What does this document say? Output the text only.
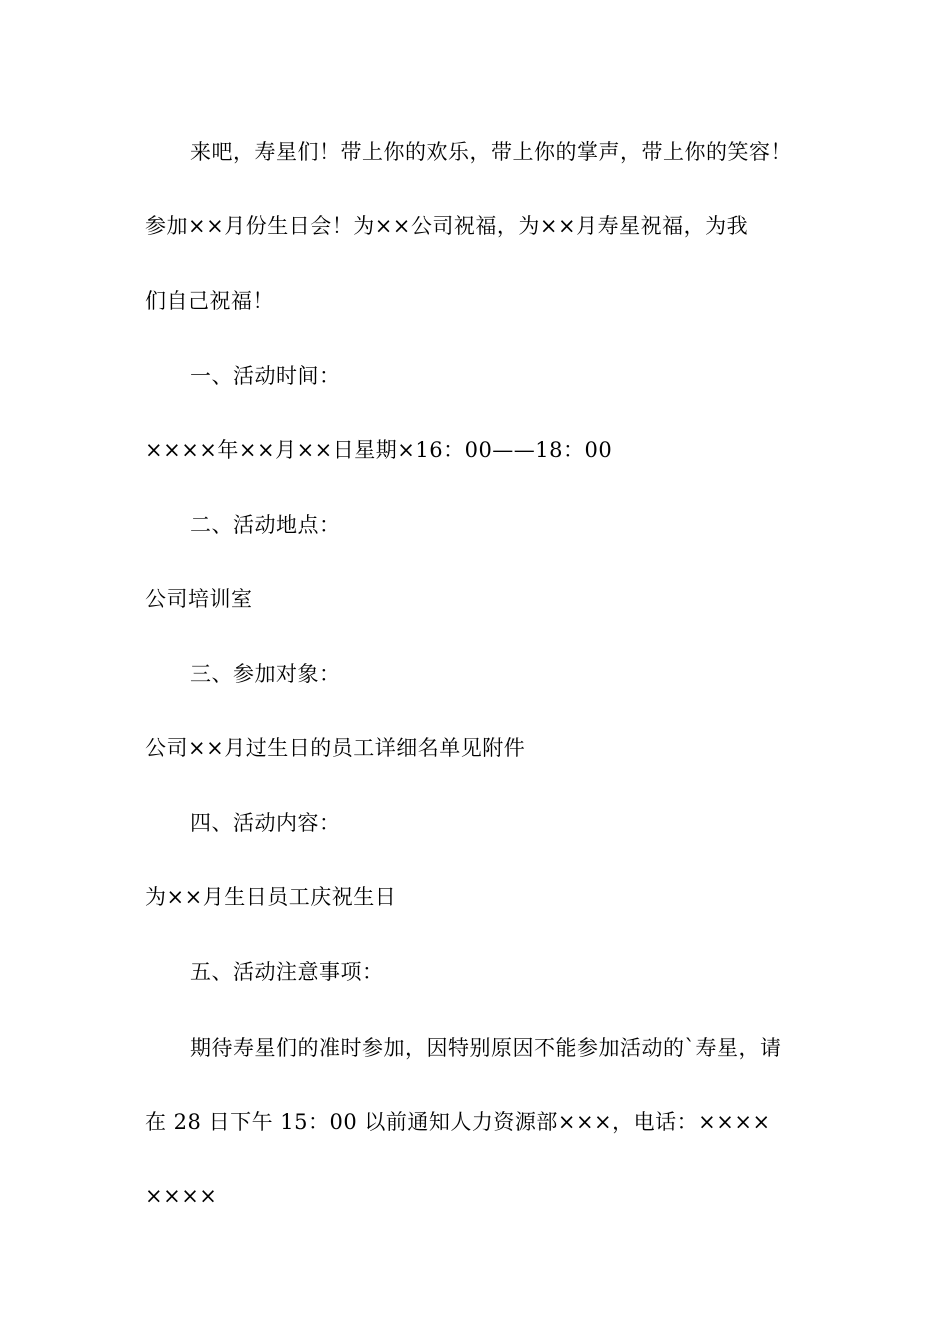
来吧，寿星们！带上你的欢乐，带上你的掌声，带上你的笑容！
参加××月份生日会！为××公司祝福，为××月寿星祝福，为我
们自己祝福！
一、活动时间：
××××年××月××日星期×16：00——18：00
二、活动地点：
公司培训室
三、参加对象：
公司××月过生日的员工详细名单见附件
四、活动内容：
为××月生日员工庆祝生日
五、活动注意事项：
期待寿星们的准时参加，因特别原因不能参加活动的`寿星，请
在 28 日下午 15：00 以前通知人力资源部×××，电话：××××
××××
